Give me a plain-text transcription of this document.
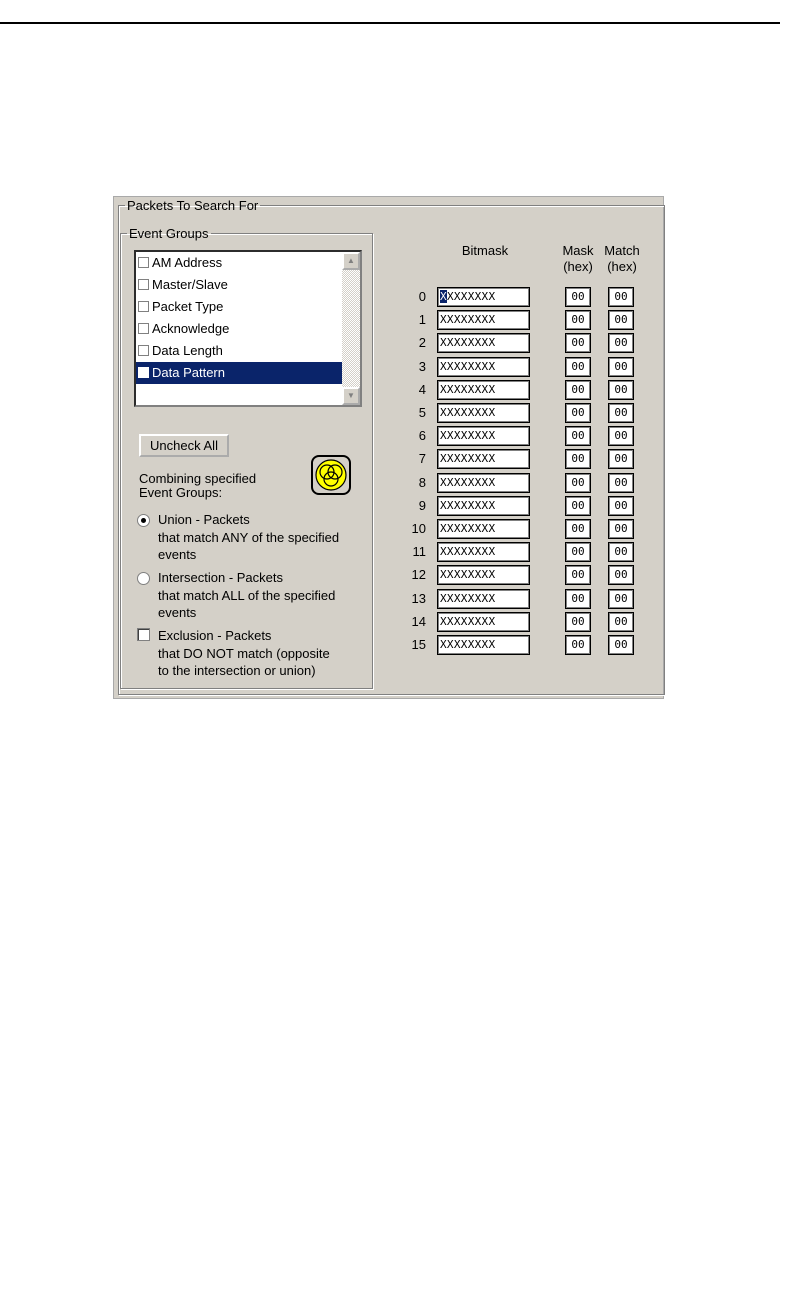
Packets To Search For
Event Groups
AM Address
Master/Slave
Packet Type
Acknowledge
Data Length
Data Pattern
▲
▼
Uncheck All
Combining specified
Event Groups:
Union - Packets
that match ANY of the specified
events
Intersection - Packets
that match ALL of the specified
events
Exclusion - Packets
that DO NOT match (opposite
to the intersection or union)
Bitmask	Mask
(hex)
Match
(hex)
0 XXXXXXXX	00	00
1 XXXXXXXX	00	00
2 XXXXXXXX	00	00
3 XXXXXXXX	00	00
4 XXXXXXXX	00	00
5 XXXXXXXX	00	00
6 XXXXXXXX	00	00
7 XXXXXXXX	00	00
8 XXXXXXXX	00	00
9 XXXXXXXX	00	00
10 XXXXXXXX	00	00
11 XXXXXXXX	00	00
12 XXXXXXXX	00	00
13 XXXXXXXX	00	00
14 XXXXXXXX	00	00
15 XXXXXXXX	00	00
